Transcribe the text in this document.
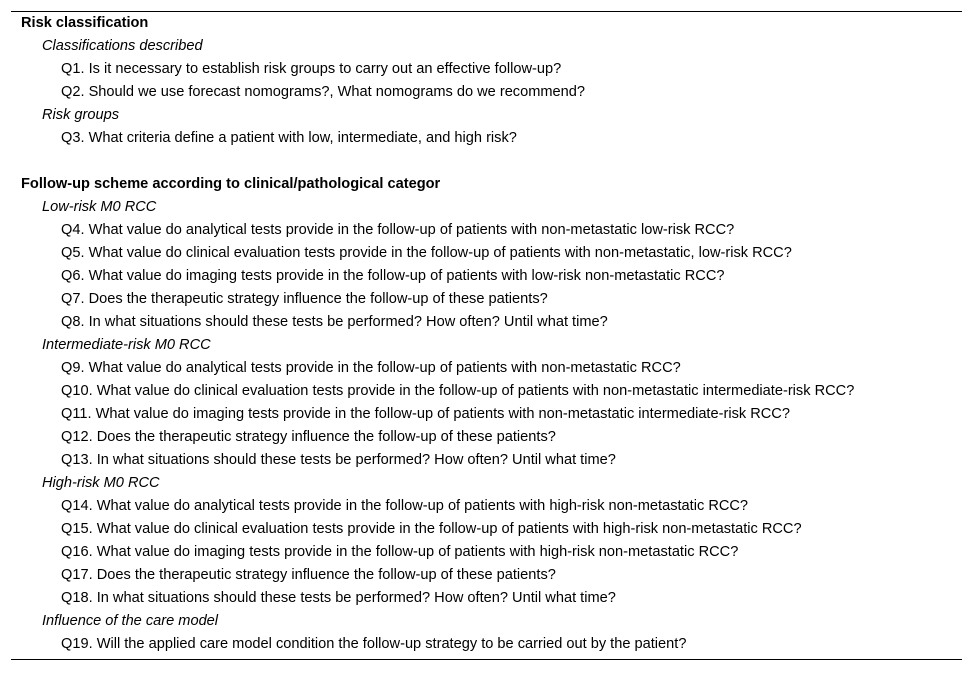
Risk classification
Classifications described
Q1. Is it necessary to establish risk groups to carry out an effective follow-up?
Q2. Should we use forecast nomograms?, What nomograms do we recommend?
Risk groups
Q3. What criteria define a patient with low, intermediate, and high risk?
Follow-up scheme according to clinical/pathological categor
Low-risk M0 RCC
Q4. What value do analytical tests provide in the follow-up of patients with non-metastatic low-risk RCC?
Q5. What value do clinical evaluation tests provide in the follow-up of patients with non-metastatic, low-risk RCC?
Q6. What value do imaging tests provide in the follow-up of patients with low-risk non-metastatic RCC?
Q7. Does the therapeutic strategy influence the follow-up of these patients?
Q8. In what situations should these tests be performed? How often? Until what time?
Intermediate-risk M0 RCC
Q9. What value do analytical tests provide in the follow-up of patients with non-metastatic RCC?
Q10. What value do clinical evaluation tests provide in the follow-up of patients with non-metastatic intermediate-risk RCC?
Q11. What value do imaging tests provide in the follow-up of patients with non-metastatic intermediate-risk RCC?
Q12. Does the therapeutic strategy influence the follow-up of these patients?
Q13. In what situations should these tests be performed? How often? Until what time?
High-risk M0 RCC
Q14. What value do analytical tests provide in the follow-up of patients with high-risk non-metastatic RCC?
Q15. What value do clinical evaluation tests provide in the follow-up of patients with high-risk non-metastatic RCC?
Q16. What value do imaging tests provide in the follow-up of patients with high-risk non-metastatic RCC?
Q17. Does the therapeutic strategy influence the follow-up of these patients?
Q18. In what situations should these tests be performed? How often? Until what time?
Influence of the care model
Q19. Will the applied care model condition the follow-up strategy to be carried out by the patient?
